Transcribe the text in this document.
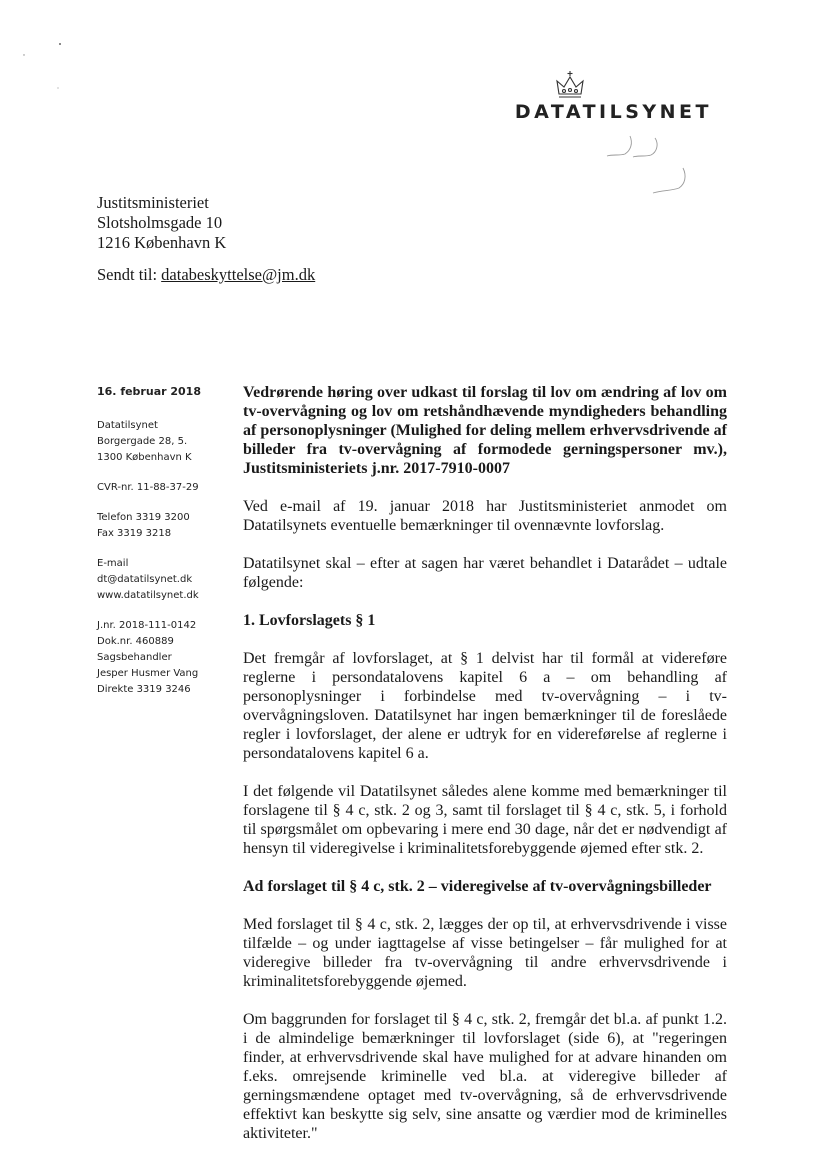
DATATILSYNET
Justitsministeriet
Slotsholmsgade 10
1216 København K
Sendt til: databeskyttelse@jm.dk
16. februar 2018
Datatilsynet
Borgergade 28, 5.
1300 København K
CVR-nr. 11-88-37-29
Telefon 3319 3200
Fax 3319 3218
E-mail
dt@datatilsynet.dk
www.datatilsynet.dk
J.nr. 2018-111-0142
Dok.nr. 460889
Sagsbehandler
Jesper Husmer Vang
Direkte 3319 3246

Vedrørende høring over udkast til forslag til lov om ændring af lov om tv-overvågning og lov om retshåndhævende myndigheders behandling af personoplysninger (Mulighed for deling mellem erhvervsdrivende af billeder fra tv-overvågning af formodede gerningspersoner mv.), Justitsministeriets j.nr. 2017-7910-0007

Ved e-mail af 19. januar 2018 har Justitsministeriet anmodet om Datatilsynets eventuelle bemærkninger til ovennævnte lovforslag.

Datatilsynet skal – efter at sagen har været behandlet i Datarådet – udtale følgende:

1. Lovforslagets § 1

Det fremgår af lovforslaget, at § 1 delvist har til formål at videreføre reglerne i persondatalovens kapitel 6 a – om behandling af personoplysninger i forbindelse med tv-overvågning – i tv-overvågningsloven. Datatilsynet har ingen bemærkninger til de foreslåede regler i lovforslaget, der alene er udtryk for en videreførelse af reglerne i persondatalovens kapitel 6 a.

I det følgende vil Datatilsynet således alene komme med bemærkninger til forslagene til § 4 c, stk. 2 og 3, samt til forslaget til § 4 c, stk. 5, i forhold til spørgsmålet om opbevaring i mere end 30 dage, når det er nødvendigt af hensyn til videregivelse i kriminalitetsforebyggende øjemed efter stk. 2.

Ad forslaget til § 4 c, stk. 2 – videregivelse af tv-overvågningsbilleder

Med forslaget til § 4 c, stk. 2, lægges der op til, at erhvervsdrivende i visse tilfælde – og under iagttagelse af visse betingelser – får mulighed for at videregive billeder fra tv-overvågning til andre erhvervsdrivende i kriminalitetsforebyggende øjemed.

Om baggrunden for forslaget til § 4 c, stk. 2, fremgår det bl.a. af punkt 1.2. i de almindelige bemærkninger til lovforslaget (side 6), at "regeringen finder, at erhvervsdrivende skal have mulighed for at advare hinanden om f.eks. omrejsende kriminelle ved bl.a. at videregive billeder af gerningsmændene optaget med tv-overvågning, så de erhvervsdrivende effektivt kan beskytte sig selv, sine ansatte og værdier mod de kriminelles aktiviteter."
